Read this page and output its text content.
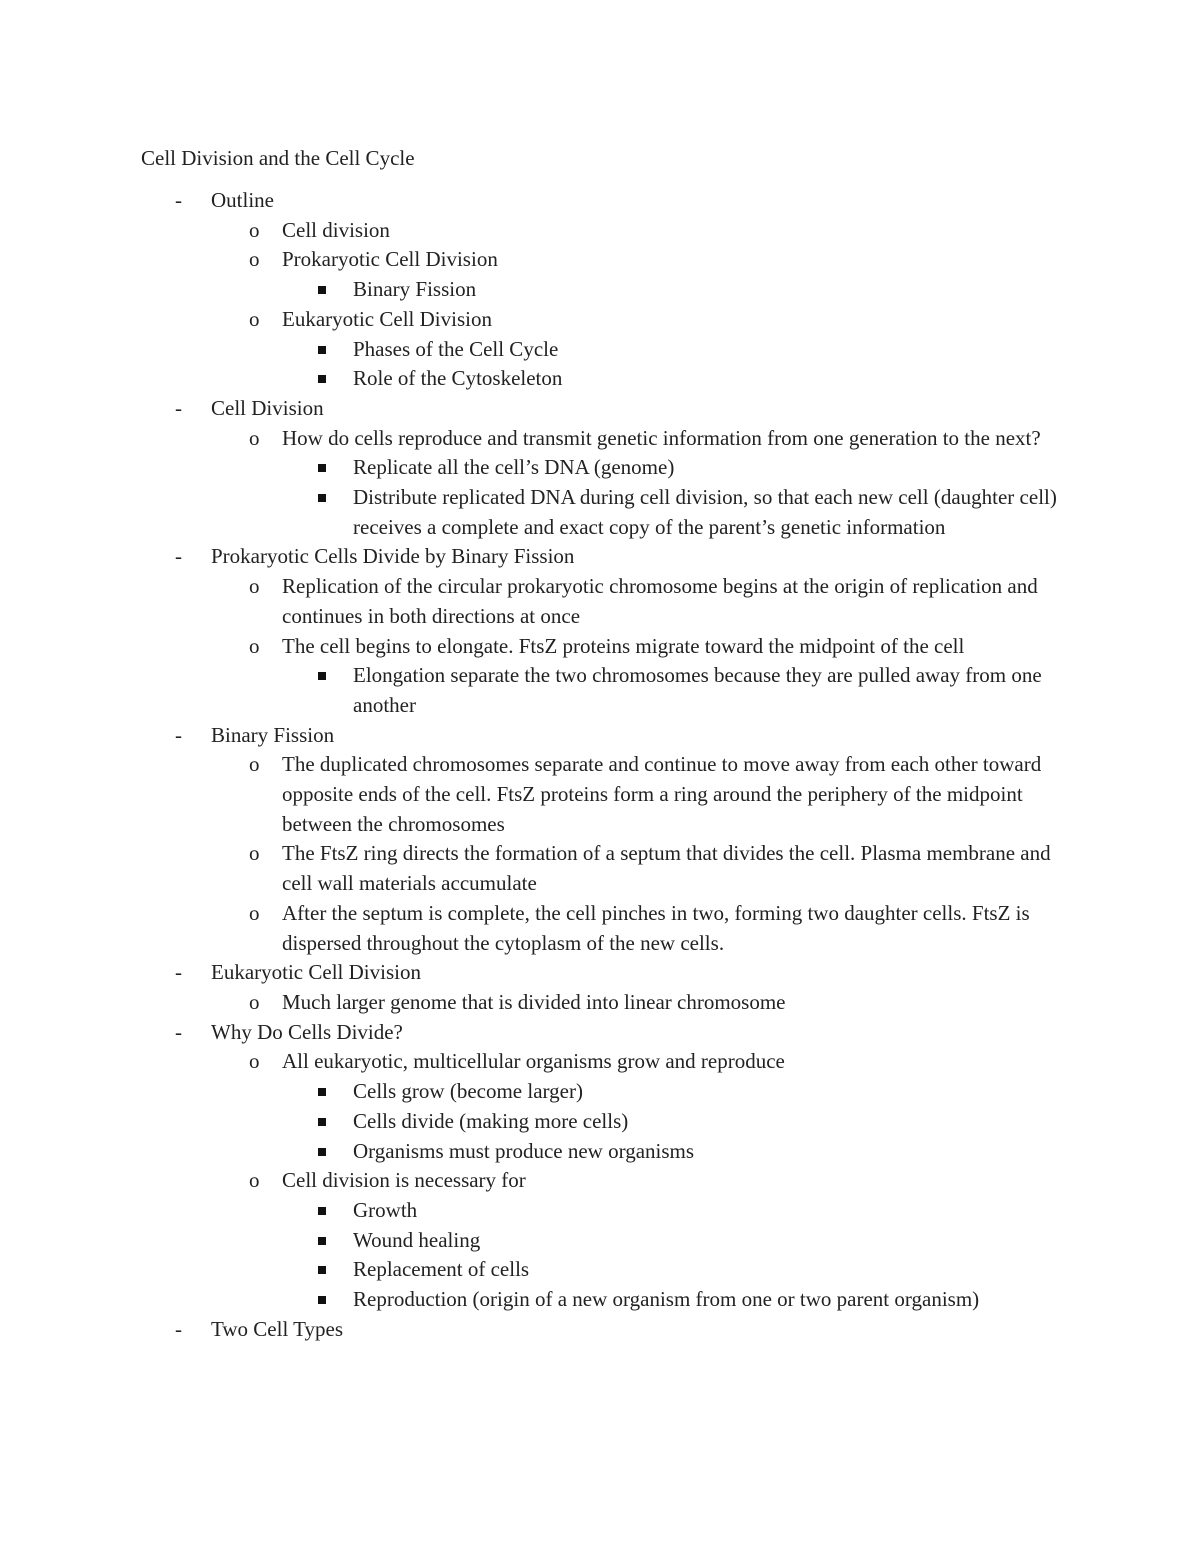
Cell Division and the Cell Cycle
- Outline
o Cell division
o Prokaryotic Cell Division
Binary Fission
o Eukaryotic Cell Division
Phases of the Cell Cycle
Role of the Cytoskeleton
- Cell Division
o How do cells reproduce and transmit genetic information from one generation to the next?
Replicate all the cell’s DNA (genome)
Distribute replicated DNA during cell division, so that each new cell (daughter cell) receives a complete and exact copy of the parent’s genetic information
- Prokaryotic Cells Divide by Binary Fission
o Replication of the circular prokaryotic chromosome begins at the origin of replication and continues in both directions at once
o The cell begins to elongate. FtsZ proteins migrate toward the midpoint of the cell
Elongation separate the two chromosomes because they are pulled away from one another
- Binary Fission
o The duplicated chromosomes separate and continue to move away from each other toward opposite ends of the cell. FtsZ proteins form a ring around the periphery of the midpoint between the chromosomes
o The FtsZ ring directs the formation of a septum that divides the cell. Plasma membrane and cell wall materials accumulate
o After the septum is complete, the cell pinches in two, forming two daughter cells. FtsZ is dispersed throughout the cytoplasm of the new cells.
- Eukaryotic Cell Division
o Much larger genome that is divided into linear chromosome
- Why Do Cells Divide?
o All eukaryotic, multicellular organisms grow and reproduce
Cells grow (become larger)
Cells divide (making more cells)
Organisms must produce new organisms
o Cell division is necessary for
Growth
Wound healing
Replacement of cells
Reproduction (origin of a new organism from one or two parent organism)
- Two Cell Types
